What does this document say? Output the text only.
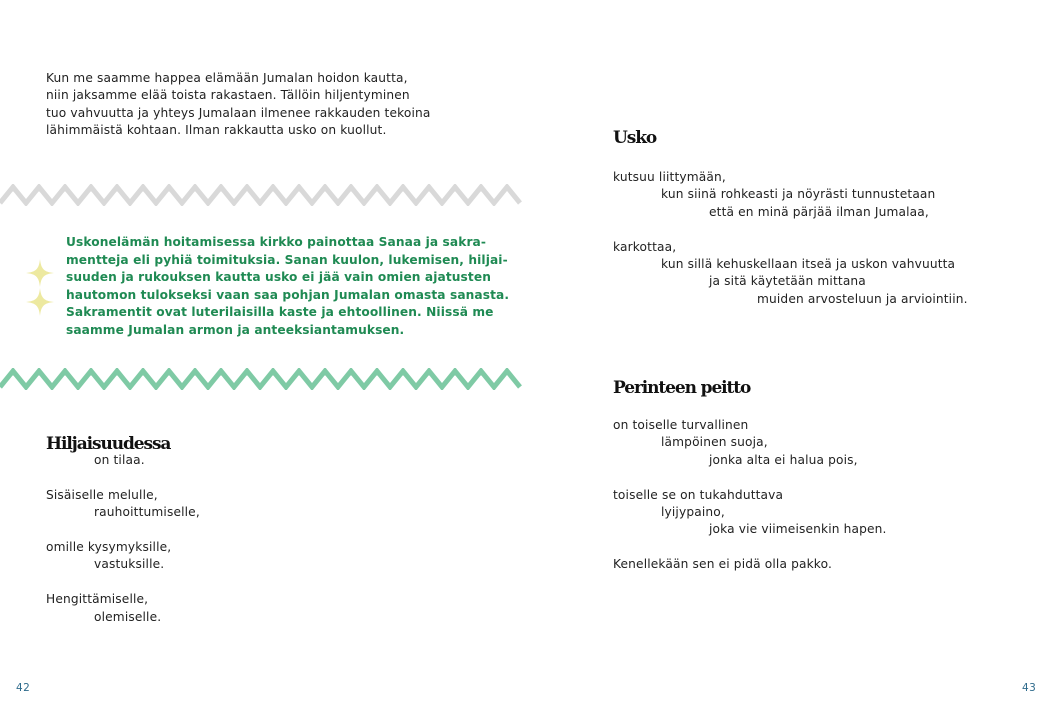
Kun me saamme happea elämään Jumalan hoidon kautta,
niin jaksamme elää toista rakastaen. Tällöin hiljentyminen
tuo vahvuutta ja yhteys Jumalaan ilmenee rakkauden tekoina
lähimmäistä kohtaan. Ilman rakkautta usko on kuollut.

Uskonelämän hoitamisessa kirkko painottaa Sanaa ja sakra-
mentteja eli pyhiä toimituksia. Sanan kuulon, lukemisen, hiljai-
suuden ja rukouksen kautta usko ei jää vain omien ajatusten
hautomon tulokseksi vaan saa pohjan Jumalan omasta sanasta.
Sakramentit ovat luterilaisilla kaste ja ehtoollinen. Niissä me
saamme Jumalan armon ja anteeksiantamuksen.

Hiljaisuudessa
on tilaa.
Sisäiselle melulle,
rauhoittumiselle,
omille kysymyksille,
vastuksille.
Hengittämiselle,
olemiselle.
42
Usko
kutsuu liittymään,
kun siinä rohkeasti ja nöyrästi tunnustetaan
että en minä pärjää ilman Jumalaa,
karkottaa,
kun sillä kehuskellaan itseä ja uskon vahvuutta
ja sitä käytetään mittana
muiden arvosteluun ja arviointiin.
Perinteen peitto
on toiselle turvallinen
lämpöinen suoja,
jonka alta ei halua pois,
toiselle se on tukahduttava
lyijypaino,
joka vie viimeisenkin hapen.
Kenellekään sen ei pidä olla pakko.
43
